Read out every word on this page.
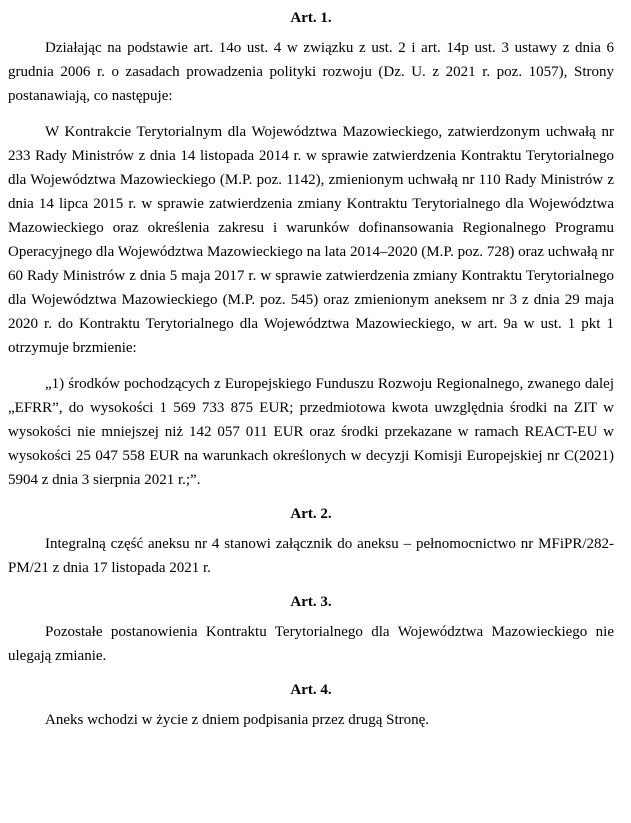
Art. 1.

Działając na podstawie art. 14o ust. 4 w związku z ust. 2 i art. 14p ust. 3 ustawy z dnia 6 grudnia 2006 r. o zasadach prowadzenia polityki rozwoju (Dz. U. z 2021 r. poz. 1057), Strony postanawiają, co następuje:

W Kontrakcie Terytorialnym dla Województwa Mazowieckiego, zatwierdzonym uchwałą nr 233 Rady Ministrów z dnia 14 listopada 2014 r. w sprawie zatwierdzenia Kontraktu Terytorialnego dla Województwa Mazowieckiego (M.P. poz. 1142), zmienionym uchwałą nr 110 Rady Ministrów z dnia 14 lipca 2015 r. w sprawie zatwierdzenia zmiany Kontraktu Terytorialnego dla Województwa Mazowieckiego oraz określenia zakresu i warunków dofinansowania Regionalnego Programu Operacyjnego dla Województwa Mazowieckiego na lata 2014–2020 (M.P. poz. 728) oraz uchwałą nr 60 Rady Ministrów z dnia 5 maja 2017 r. w sprawie zatwierdzenia zmiany Kontraktu Terytorialnego dla Województwa Mazowieckiego (M.P. poz. 545) oraz zmienionym aneksem nr 3 z dnia 29 maja 2020 r. do Kontraktu Terytorialnego dla Województwa Mazowieckiego, w art. 9a w ust. 1 pkt 1 otrzymuje brzmienie:

„1) środków pochodzących z Europejskiego Funduszu Rozwoju Regionalnego, zwanego dalej „EFRR”, do wysokości 1 569 733 875 EUR; przedmiotowa kwota uwzględnia środki na ZIT w wysokości nie mniejszej niż 142 057 011 EUR oraz środki przekazane w ramach REACT-EU w wysokości 25 047 558 EUR na warunkach określonych w decyzji Komisji Europejskiej nr C(2021) 5904 z dnia 3 sierpnia 2021 r.;”.

Art. 2.

Integralną część aneksu nr 4 stanowi załącznik do aneksu – pełnomocnictwo nr MFiPR/282-PM/21 z dnia 17 listopada 2021 r.

Art. 3.

Pozostałe postanowienia Kontraktu Terytorialnego dla Województwa Mazowieckiego nie ulegają zmianie.

Art. 4.

Aneks wchodzi w życie z dniem podpisania przez drugą Stronę.
